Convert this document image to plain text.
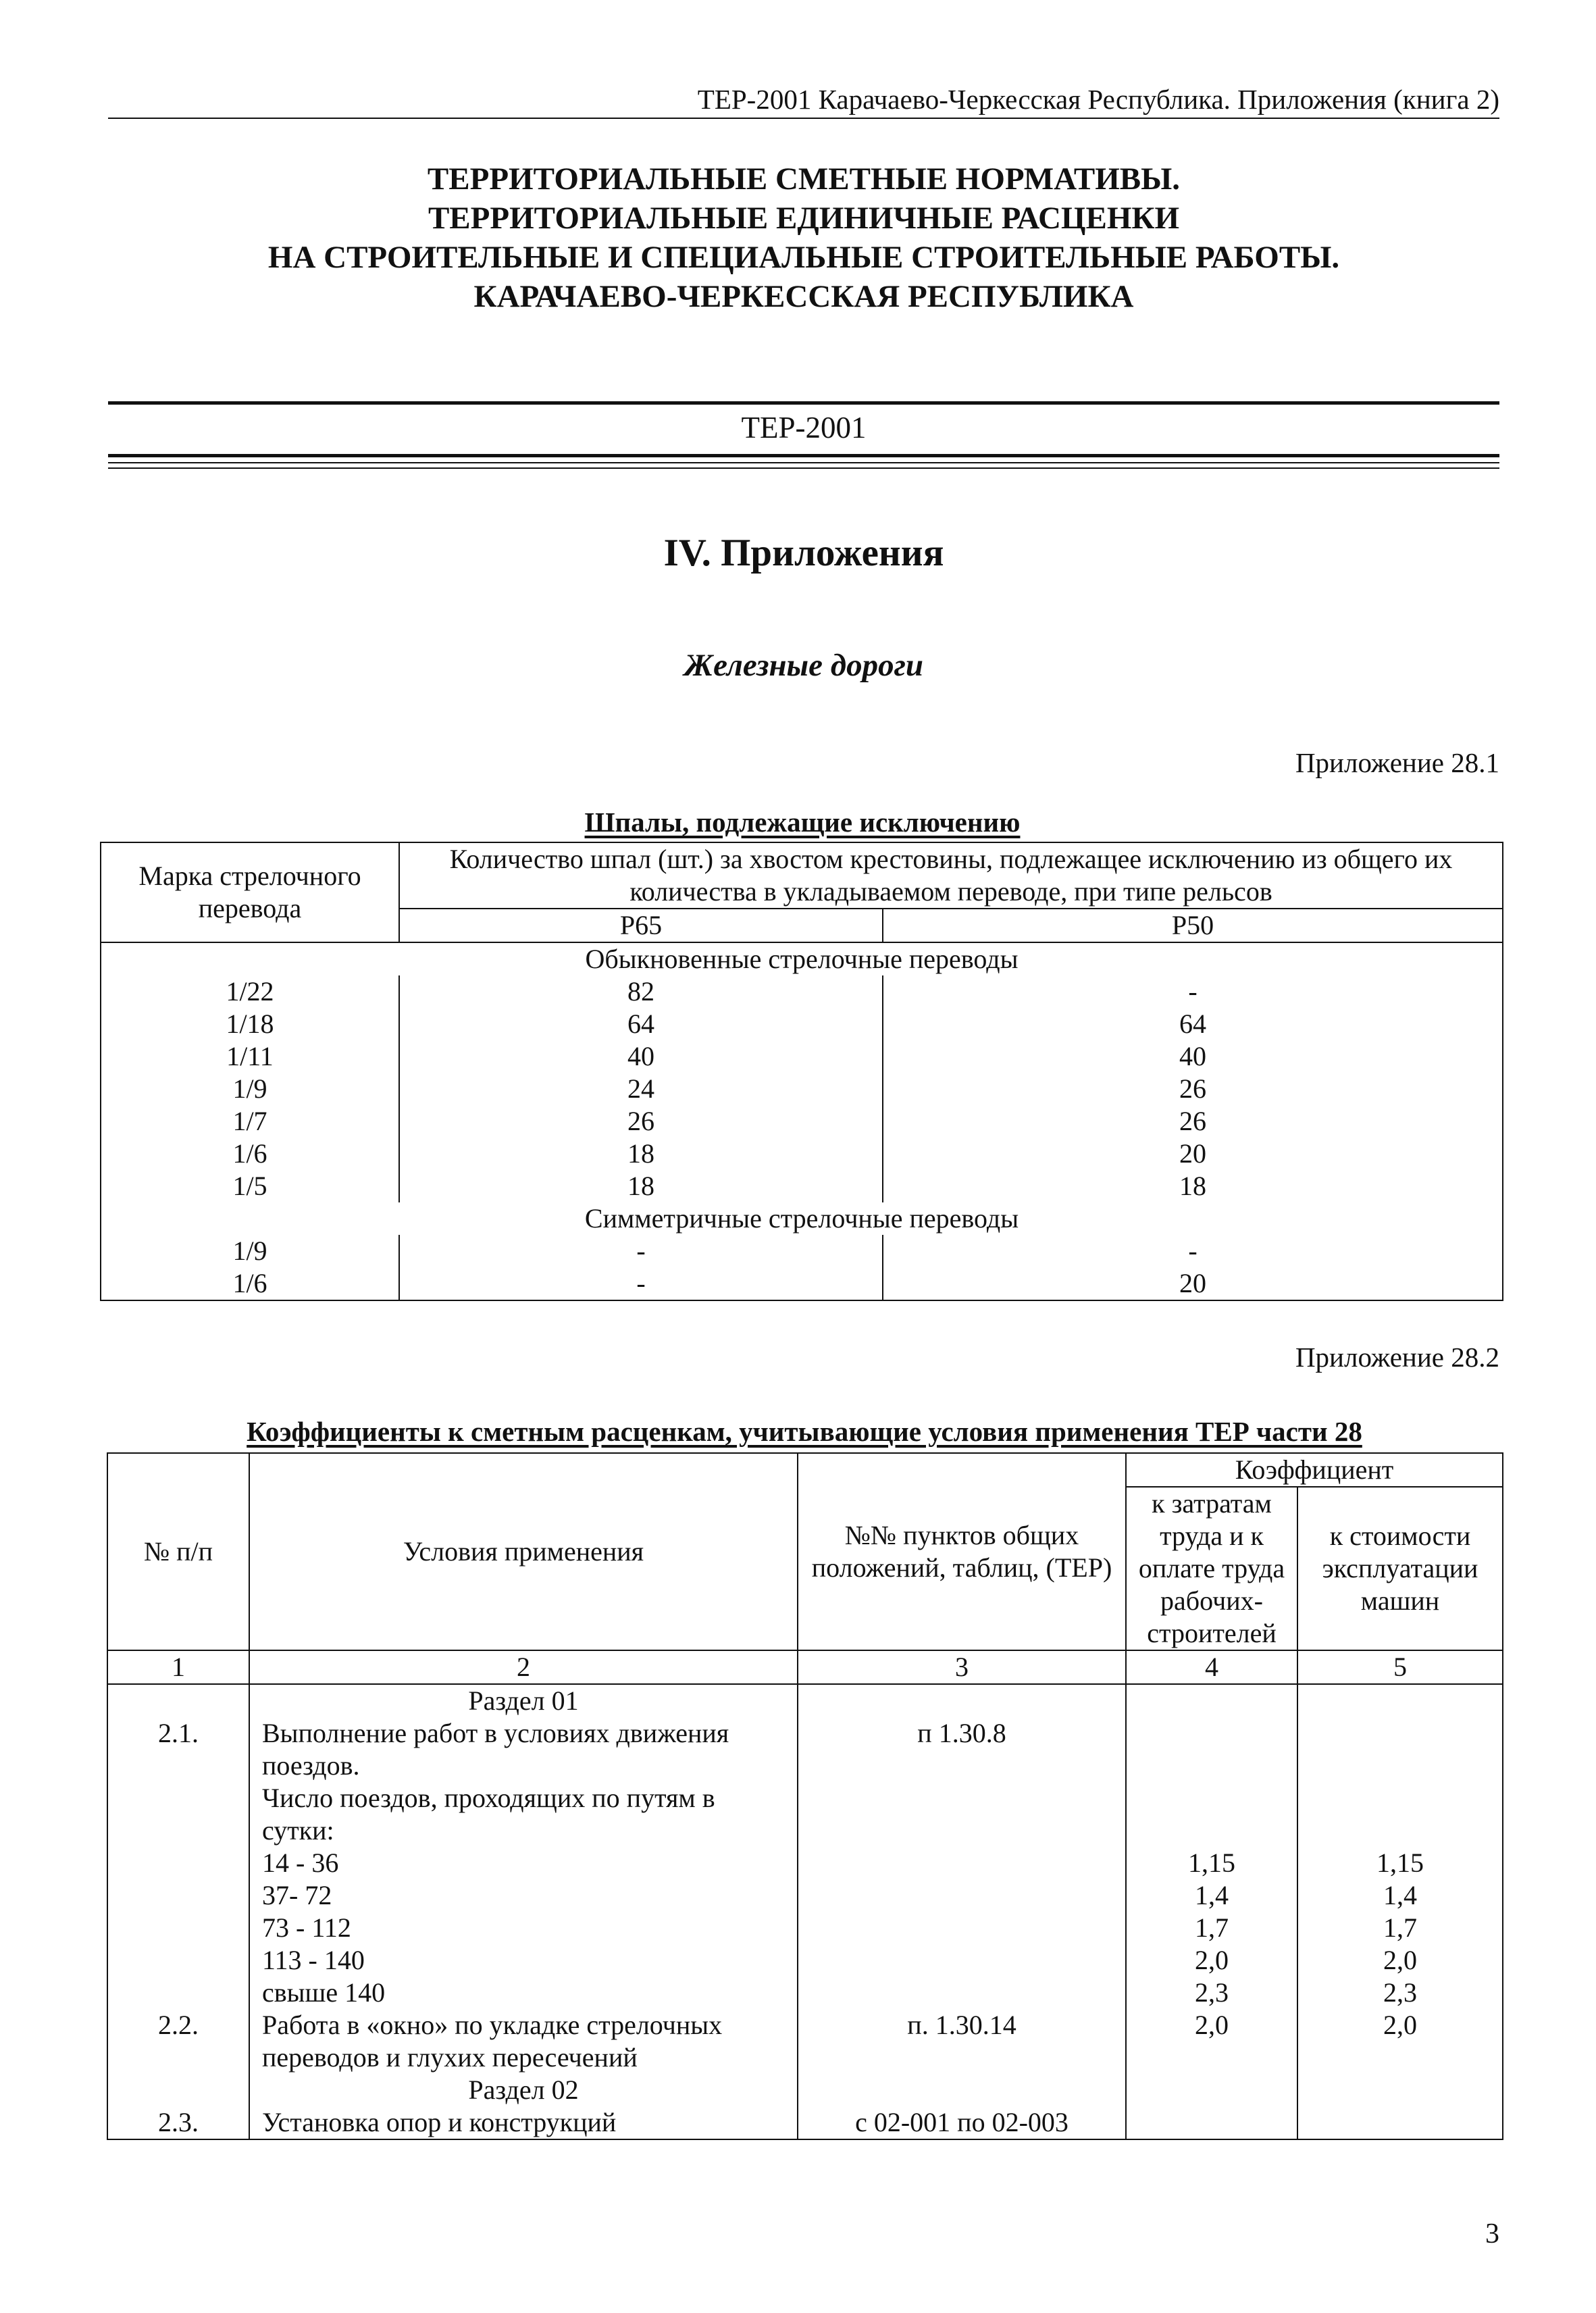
ТЕР-2001 Карачаево-Черкесская Республика. Приложения (книга 2)
ТЕРРИТОРИАЛЬНЫЕ СМЕТНЫЕ НОРМАТИВЫ.
ТЕРРИТОРИАЛЬНЫЕ ЕДИНИЧНЫЕ РАСЦЕНКИ
НА СТРОИТЕЛЬНЫЕ И СПЕЦИАЛЬНЫЕ СТРОИТЕЛЬНЫЕ РАБОТЫ.
КАРАЧАЕВО-ЧЕРКЕССКАЯ РЕСПУБЛИКА
ТЕР-2001
IV. Приложения
Железные дороги
Приложение 28.1
Шпалы, подлежащие исключению
Марка стрелочного перевода	Количество шпал (шт.) за хвостом крестовины, подлежащее исключению из общего их количества в укладываемом переводе, при типе рельсов	
	Р65	Р50
Обыкновенные стрелочные переводы		
1/22	82	-
1/18	64	64
1/11	40	40
1/9	24	26
1/7	26	26
1/6	18	20
1/5	18	18
Симметричные стрелочные переводы		
1/9	-	-
1/6	-	20
Приложение 28.2
Коэффициенты к сметным расценкам, учитывающие условия применения ТЕР части 28
№ п/п	Условия применения	№№ пунктов общих положений, таблиц, (ТЕР)	Коэффициент	
			к затратам труда и к оплате труда рабочих-строителей	к стоимости эксплуатации машин
1	2	3	4	5
	Раздел 01			
2.1.	Выполнение работ в условиях движения поездов.	п 1.30.8		
	Число поездов, проходящих по путям в сутки:			
	14 - 36		1,15	1,15
	37- 72		1,4	1,4
	73 - 112		1,7	1,7
	113 - 140		2,0	2,0
	свыше 140		2,3	2,3
2.2.	Работа в «окно» по укладке стрелочных переводов и глухих пересечений	п. 1.30.14	2,0	2,0
	Раздел 02			
2.3.	Установка опор и конструкций	с 02-001 по 02-003		
3
